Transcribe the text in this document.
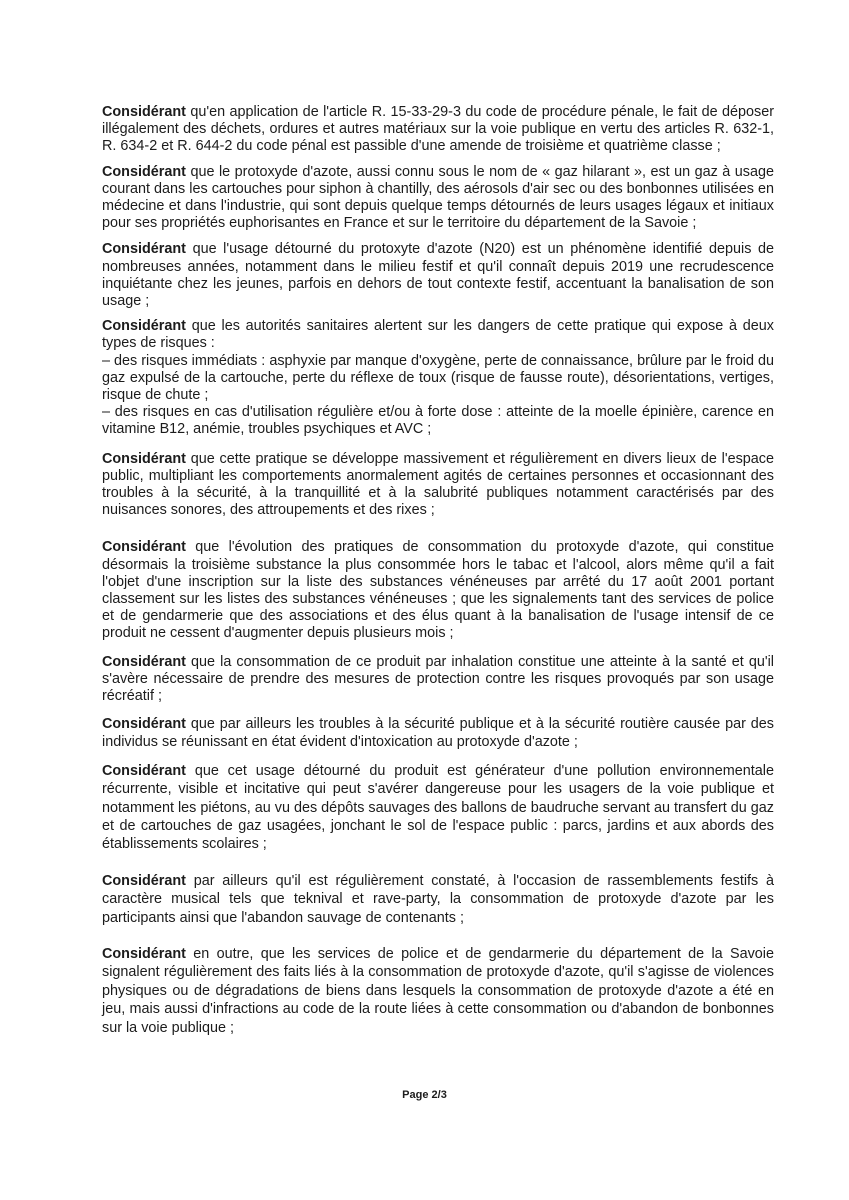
Considérant qu'en application de l'article R. 15-33-29-3 du code de procédure pénale, le fait de déposer illégalement des déchets, ordures et autres matériaux sur la voie publique en vertu des articles R. 632-1, R. 634-2 et R. 644-2 du code pénal est passible d'une amende de troisième et quatrième classe ;

Considérant que le protoxyde d'azote, aussi connu sous le nom de « gaz hilarant », est un gaz à usage courant dans les cartouches pour siphon à chantilly, des aérosols d'air sec ou des bonbonnes utilisées en médecine et dans l'industrie, qui sont depuis quelque temps détournés de leurs usages légaux et initiaux pour ses propriétés euphorisantes en France et sur le territoire du département de la Savoie ;

Considérant que l'usage détourné du protoxyte d'azote (N20) est un phénomène identifié depuis de nombreuses années, notamment dans le milieu festif et qu'il connaît depuis 2019 une recrudescence inquiétante chez les jeunes, parfois en dehors de tout contexte festif, accentuant la banalisation de son usage ;

Considérant que les autorités sanitaires alertent sur les dangers de cette pratique qui expose à deux types de risques :
– des risques immédiats : asphyxie par manque d'oxygène, perte de connaissance, brûlure par le froid du gaz expulsé de la cartouche, perte du réflexe de toux (risque de fausse route), désorientations, vertiges, risque de chute ;
– des risques en cas d'utilisation régulière et/ou à forte dose : atteinte de la moelle épinière, carence en vitamine B12, anémie, troubles psychiques et AVC ;

Considérant que cette pratique se développe massivement et régulièrement en divers lieux de l'espace public, multipliant les comportements anormalement agités de certaines personnes et occasionnant des troubles à la sécurité, à la tranquillité et à la salubrité publiques notamment caractérisés par des nuisances sonores, des attroupements et des rixes ;

Considérant que l'évolution des pratiques de consommation du protoxyde d'azote, qui constitue désormais la troisième substance la plus consommée hors le tabac et l'alcool, alors même qu'il a fait l'objet d'une inscription sur la liste des substances vénéneuses par arrêté du 17 août 2001 portant classement sur les listes des substances vénéneuses ; que les signalements tant des services de police et de gendarmerie que des associations et des élus quant à la banalisation de l'usage intensif de ce produit ne cessent d'augmenter depuis plusieurs mois ;

Considérant que la consommation de ce produit par inhalation constitue une atteinte à la santé et qu'il s'avère nécessaire de prendre des mesures de protection contre les risques provoqués par son usage récréatif ;

Considérant que par ailleurs les troubles à la sécurité publique et à la sécurité routière causée par des individus se réunissant en état évident d'intoxication au protoxyde d'azote ;

Considérant que cet usage détourné du produit est générateur d'une pollution environnementale récurrente, visible et incitative qui peut s'avérer dangereuse pour les usagers de la voie publique et notamment les piétons, au vu des dépôts sauvages des ballons de baudruche servant au transfert du gaz et de cartouches de gaz usagées, jonchant le sol de l'espace public : parcs, jardins et aux abords des établissements scolaires ;

Considérant par ailleurs qu'il est régulièrement constaté, à l'occasion de rassemblements festifs à caractère musical tels que teknival et rave-party, la consommation de protoxyde d'azote par les participants ainsi que l'abandon sauvage de contenants ;

Considérant en outre, que les services de police et de gendarmerie du département de la Savoie signalent régulièrement des faits liés à la consommation de protoxyde d'azote, qu'il s'agisse de violences physiques ou de dégradations de biens dans lesquels la consommation de protoxyde d'azote a été en jeu, mais aussi d'infractions au code de la route liées à cette consommation ou d'abandon de bonbonnes sur la voie publique ;

Page 2/3
